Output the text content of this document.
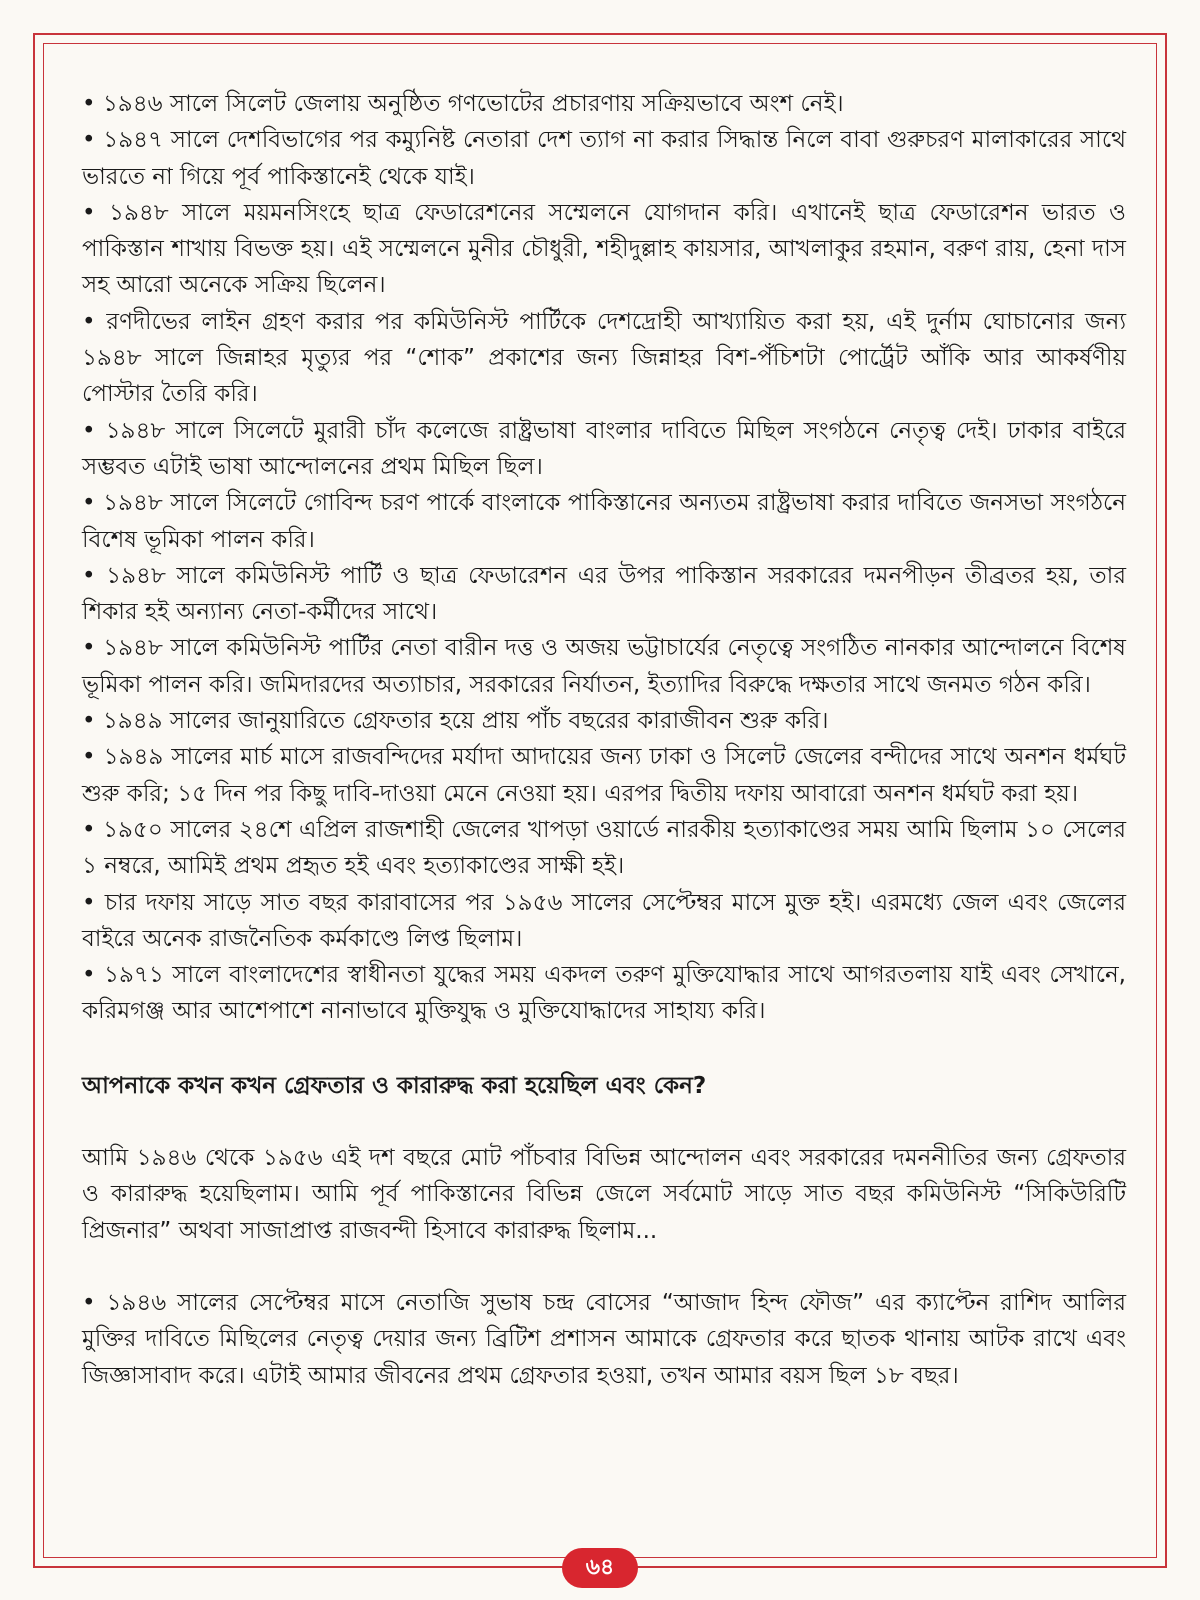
• ১৯৪৬ সালে সিলেট জেলায় অনুষ্ঠিত গণভোটের প্রচারণায় সক্রিয়ভাবে অংশ নেই।

• ১৯৪৭ সালে দেশবিভাগের পর কম্যুনিষ্ট নেতারা দেশ ত্যাগ না করার সিদ্ধান্ত নিলে বাবা গুরুচরণ মালাকারের সাথে ভারতে না গিয়ে পূর্ব পাকিস্তানেই থেকে যাই।

• ১৯৪৮ সালে ময়মনসিংহে ছাত্র ফেডারেশনের সম্মেলনে যোগদান করি। এখানেই ছাত্র ফেডারেশন ভারত ও পাকিস্তান শাখায় বিভক্ত হয়। এই সম্মেলনে মুনীর চৌধুরী, শহীদুল্লাহ কায়সার, আখলাকুর রহমান, বরুণ রায়, হেনা দাস সহ আরো অনেকে সক্রিয় ছিলেন।

• রণদীভের লাইন গ্রহণ করার পর কমিউনিস্ট পার্টিকে দেশদ্রোহী আখ্যায়িত করা হয়, এই দুর্নাম ঘোচানোর জন্য ১৯৪৮ সালে জিন্নাহর মৃত্যুর পর “শোক” প্রকাশের জন্য জিন্নাহর বিশ-পঁচিশটা পোর্ট্রেট আঁকি আর আকর্ষণীয় পোস্টার তৈরি করি।

• ১৯৪৮ সালে সিলেটে মুরারী চাঁদ কলেজে রাষ্ট্রভাষা বাংলার দাবিতে মিছিল সংগঠনে নেতৃত্ব দেই। ঢাকার বাইরে সম্ভবত এটাই ভাষা আন্দোলনের প্রথম মিছিল ছিল।

• ১৯৪৮ সালে সিলেটে গোবিন্দ চরণ পার্কে বাংলাকে পাকিস্তানের অন্যতম রাষ্ট্রভাষা করার দাবিতে জনসভা সংগঠনে বিশেষ ভূমিকা পালন করি।

• ১৯৪৮ সালে কমিউনিস্ট পার্টি ও ছাত্র ফেডারেশন এর উপর পাকিস্তান সরকারের দমনপীড়ন তীব্রতর হয়, তার শিকার হই অন্যান্য নেতা-কর্মীদের সাথে।

• ১৯৪৮ সালে কমিউনিস্ট পার্টির নেতা বারীন দত্ত ও অজয় ভট্টাচার্যের নেতৃত্বে সংগঠিত নানকার আন্দোলনে বিশেষ ভূমিকা পালন করি। জমিদারদের অত্যাচার, সরকারের নির্যাতন, ইত্যাদির বিরুদ্ধে দক্ষতার সাথে জনমত গঠন করি।

• ১৯৪৯ সালের জানুয়ারিতে গ্রেফতার হয়ে প্রায় পাঁচ বছরের কারাজীবন শুরু করি।

• ১৯৪৯ সালের মার্চ মাসে রাজবন্দিদের মর্যাদা আদায়ের জন্য ঢাকা ও সিলেট জেলের বন্দীদের সাথে অনশন ধর্মঘট শুরু করি; ১৫ দিন পর কিছু দাবি-দাওয়া মেনে নেওয়া হয়। এরপর দ্বিতীয় দফায় আবারো অনশন ধর্মঘট করা হয়।

• ১৯৫০ সালের ২৪শে এপ্রিল রাজশাহী জেলের খাপড়া ওয়ার্ডে নারকীয় হত্যাকাণ্ডের সময় আমি ছিলাম ১০ সেলের ১ নম্বরে, আমিই প্রথম প্রহৃত হই এবং হত্যাকাণ্ডের সাক্ষী হই।

• চার দফায় সাড়ে সাত বছর কারাবাসের পর ১৯৫৬ সালের সেপ্টেম্বর মাসে মুক্ত হই। এরমধ্যে জেল এবং জেলের বাইরে অনেক রাজনৈতিক কর্মকাণ্ডে লিপ্ত ছিলাম।

• ১৯৭১ সালে বাংলাদেশের স্বাধীনতা যুদ্ধের সময় একদল তরুণ মুক্তিযোদ্ধার সাথে আগরতলায় যাই এবং সেখানে, করিমগঞ্জ আর আশেপাশে নানাভাবে মুক্তিযুদ্ধ ও মুক্তিযোদ্ধাদের সাহায্য করি।

আপনাকে কখন কখন গ্রেফতার ও কারারুদ্ধ করা হয়েছিল এবং কেন?

আমি ১৯৪৬ থেকে ১৯৫৬ এই দশ বছরে মোট পাঁচবার বিভিন্ন আন্দোলন এবং সরকারের দমননীতির জন্য গ্রেফতার ও কারারুদ্ধ হয়েছিলাম। আমি পূর্ব পাকিস্তানের বিভিন্ন জেলে সর্বমোট সাড়ে সাত বছর কমিউনিস্ট “সিকিউরিটি প্রিজনার” অথবা সাজাপ্রাপ্ত রাজবন্দী হিসাবে কারারুদ্ধ ছিলাম...

• ১৯৪৬ সালের সেপ্টেম্বর মাসে নেতাজি সুভাষ চন্দ্র বোসের “আজাদ হিন্দ ফৌজ” এর ক্যাপ্টেন রাশিদ আলির মুক্তির দাবিতে মিছিলের নেতৃত্ব দেয়ার জন্য ব্রিটিশ প্রশাসন আমাকে গ্রেফতার করে ছাতক থানায় আটক রাখে এবং জিজ্ঞাসাবাদ করে। এটাই আমার জীবনের প্রথম গ্রেফতার হওয়া, তখন আমার বয়স ছিল ১৮ বছর।

৬৪
